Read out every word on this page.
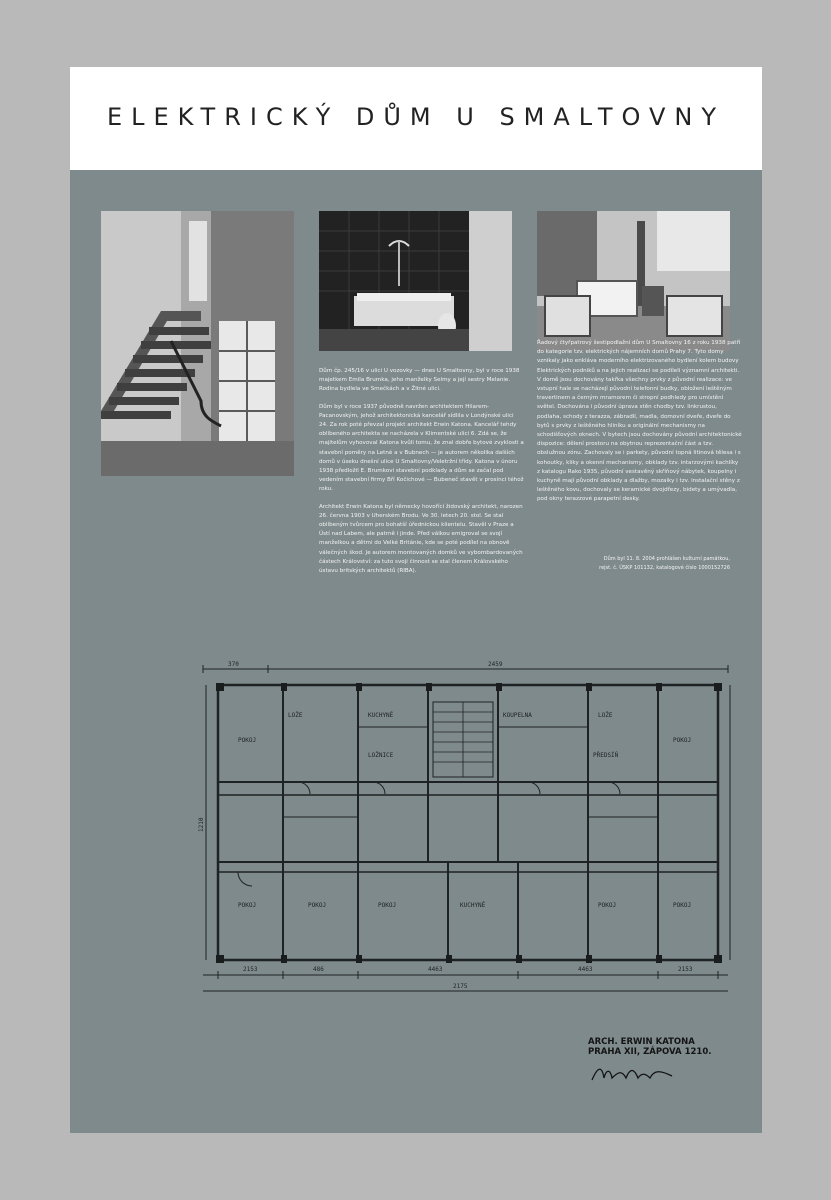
ELEKTRICKÝ DŮM U SMALTOVNY

Dům čp. 245/16 v ulici U vozovky — dnes U Smaltovny, byl v roce 1938 majetkem Emila Brumka, jeho manželky Selmy a její sestry Melanie. Rodina bydlela ve Smečkách a v Žitné ulici.

Dům byl v roce 1937 původně navržen architektem Hilarem-Pacanovským, jehož architektonická kancelář sídlila v Londýnské ulici 24. Za rok poté převzal projekt architekt Erwin Katona. Kancelář tehdy oblíbeného architekta se nacházela v Klimentské ulici 6. Zdá se, že majitelům vyhovoval Katona kvůli tomu, že znal dobře bytové zvyklosti a stavební poměry na Letné a v Bubnech — je autorem několika dalších domů v úseku dnešní ulice U Smaltovny/Veletržní třídy. Katona v únoru 1938 předložil E. Brumkovi stavební podklady a dům se začal pod vedením stavební firmy Bří Kočichové — Bubeneč stavět v prosinci téhož roku.

Architekt Erwin Katona byl německy hovořící židovský architekt, narozen 26. června 1903 v Uherském Brodu. Ve 30. letech 20. stol. Se stal oblíbeným tvůrcem pro bohatší úřednickou klientelu. Stavěl v Praze a Ústí nad Labem, ale patrně i jinde. Před válkou emigroval se svojí manželkou a dětmi do Velké Británie, kde se poté podílel na obnově válečných škod. Je autorem montovaných domků ve vybombardovaných částech Království: za tuto svoji činnost se stal členem Královského ústavu britských architektů (RIBA).

Řadový čtyřpatrový šestipodlažní dům U Smaltovny 16 z roku 1938 patří do kategorie tzv. elektrických nájemních domů Prahy 7. Tyto domy vznikaly jako enkláva moderního elektrizovaného bydlení kolem budovy Elektrických podniků a na jejich realizaci se podíleli významní architekti. V domě jsou dochovány takřka všechny prvky z původní realizace: ve vstupní hale se nacházejí původní telefonní budky, obložení leštěným travertinem a černým mramorem či stropní podhledy pro umístění světel. Dochována i původní úprava stěn chodby tzv. linkrustou, podlaha, schody z terazza, zábradlí, madla, domovní dveře, dveře do bytů s prvky z leštěného hliníku a originální mechanismy na schodišťových oknech. V bytech jsou dochovány původní architektonické dispozice: dělení prostoru na obytnou reprezentační část a tzv. obslužnou zónu. Zachovaly se i parkety, původní topná litinová tělesa i s kohoutky, kliky a okenní mechanismy, obklady tzv. intarzovými kachlíky z katalogu Rako 1935, původní vestavěný skříňový nábytek, koupelny i kuchyně mají původní obklady a dlažby, mozaiky i tzv. instalační stěny z leštěného kovu, dochovaly se keramické dvojdřezy, bidety a umývadla, pod okny terazzové parapetní desky.

Dům byl 11. 8. 2004 prohlášen kulturní památkou,
rejst. č. ÚSKP 101132, katalogové číslo 1000152726
370	2459
2153	486	4463	4463	2153
2175
1210
POKOJ
POKOJ	POKOJ
LOŽNICE
POKOJ	POKOJ
POKOJ
KOUPELNA
KUCHYNĚ
KUCHYNĚ
PŘEDSÍŇ
LOŽE	LOŽE
POKOJ
ARCH. ERWIN KATONA
PRAHA XII, ZÁPOVA 1210.
